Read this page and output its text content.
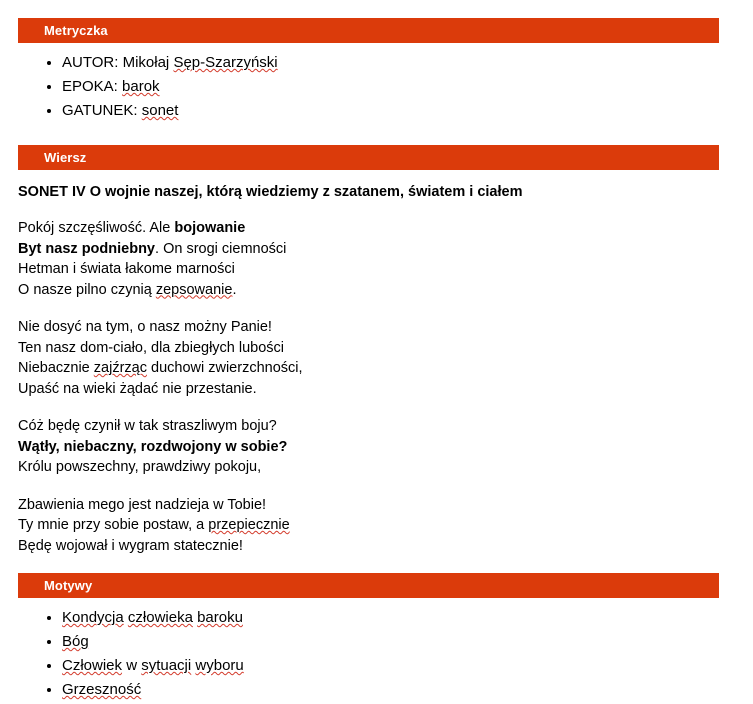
Metryczka
• AUTOR: Mikołaj Sęp-Szarzyński
• EPOKA: barok
• GATUNEK: sonet
Wiersz
SONET IV O wojnie naszej, którą wiedziemy z szatanem, światem i ciałem
Pokój szczęśliwość. Ale bojowanie
Byt nasz podniebny. On srogi ciemności
Hetman i świata łakome marności
O nasze pilno czynią zepsowanie.
Nie dosyć na tym, o nasz możny Panie!
Ten nasz dom-ciało, dla zbiegłych lubości
Niebacznie zajźrząc duchowi zwierzchności,
Upaść na wieki żądać nie przestanie.
Cóż będę czynił w tak straszliwym boju?
Wątły, niebaczny, rozdwojony w sobie?
Królu powszechny, prawdziwy pokoju,
Zbawienia mego jest nadzieja w Tobie!
Ty mnie przy sobie postaw, a przepiecznie
Będę wojował i wygram statecznie!
Motywy
• Kondycja człowieka baroku
• Bóg
• Człowiek w sytuacji wyboru
• Grzeszność
